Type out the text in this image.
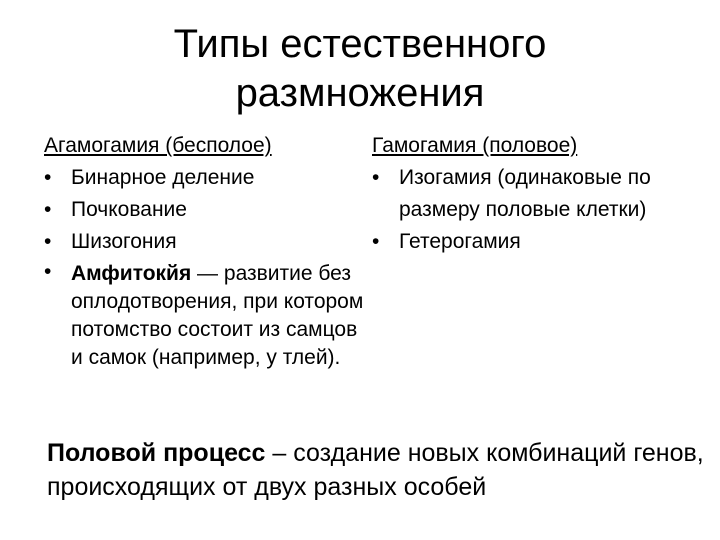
Типы естественного
размножения
Агамогамия (бесполое)
• Бинарное деление
• Почкование
• Шизогония
• Амфитокйя — развитие без оплодотворения, при котором потомство состоит из самцов и самок (например, у тлей).
Гамогамия (половое)
• Изогамия (одинаковые по размеру половые клетки)
• Гетерогамия
Половой процесс – создание новых комбинаций генов, происходящих от двух разных особей
